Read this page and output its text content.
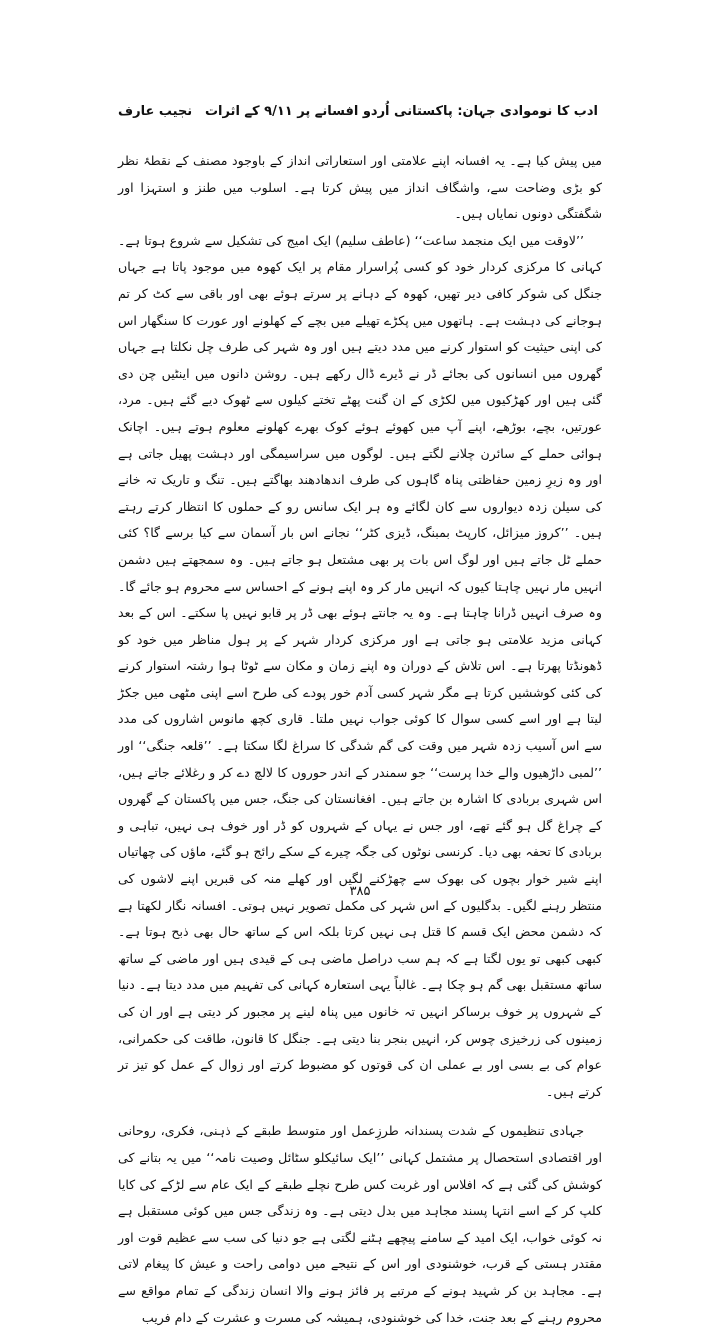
ادب کا نوموادی جہان: پاکستانی اُردو افسانے پر ۹/۱۱ کے اثرات
نجیب عارف

میں پیش کیا ہے۔ یہ افسانہ اپنے علامتی اور استعاراتی انداز کے باوجود مصنف کے نقطۂ نظر کو بڑی وضاحت سے، واشگاف انداز میں پیش کرتا ہے۔ اسلوب میں طنز و استہزا اور شگفتگی دونوں نمایاں ہیں۔

’’لاوقت میں ایک منجمد ساعت‘‘ (عاطف سلیم) ایک امیج کی تشکیل سے شروع ہوتا ہے۔ کہانی کا مرکزی کردار خود کو کسی پُراسرار مقام پر ایک کھوہ میں موجود پاتا ہے جہاں جنگل کی شوکر کافی دیر تھیں، کھوہ کے دہانے پر سرتے ہوئے بھی اور باقی سے کٹ کر تم ہوجانے کی دہشت ہے۔ ہاتھوں میں پکڑے تھیلے میں بچے کے کھلونے اور عورت کا سنگھار اس کی اپنی حیثیت کو استوار کرنے میں مدد دیتے ہیں اور وہ شہر کی طرف چل نکلتا ہے جہاں گھروں میں انسانوں کی بجائے ڈر نے ڈیرے ڈال رکھے ہیں۔ روشن دانوں میں اینٹیں چن دی گئی ہیں اور کھڑکیوں میں لکڑی کے ان گنت پھٹے تختے کیلوں سے ٹھوک دیے گئے ہیں۔ مرد، عورتیں، بچے، بوڑھے، اپنے آپ میں کھوئے ہوئے کوک بھرے کھلونے معلوم ہوتے ہیں۔ اچانک ہوائی حملے کے سائرن چلانے لگتے ہیں۔ لوگوں میں سراسیمگی اور دہشت پھیل جاتی ہے اور وہ زیرِ زمین حفاظتی پناہ گاہوں کی طرف اندھادھند بھاگتے ہیں۔ تنگ و تاریک تہ خانے کی سیلن زدہ دیواروں سے کان لگائے وہ ہر ایک سانس رو کے حملوں کا انتظار کرتے رہتے ہیں۔ ’’کروز میزائل، کارپٹ بمبنگ، ڈیزی کٹر‘‘ نجانے اس بار آسمان سے کیا برسے گا؟ کئی حملے ٹل جاتے ہیں اور لوگ اس بات پر بھی مشتعل ہو جاتے ہیں۔ وہ سمجھتے ہیں دشمن انہیں مار نہیں چاہتا کیوں کہ انہیں مار کر وہ اپنے ہونے کے احساس سے محروم ہو جائے گا۔ وہ صرف انہیں ڈرانا چاہتا ہے۔ وہ یہ جانتے ہوئے بھی ڈر پر قابو نہیں پا سکتے۔ اس کے بعد کہانی مزید علامتی ہو جاتی ہے اور مرکزی کردار شہر کے پر ہول مناظر میں خود کو ڈھونڈتا پھرتا ہے۔ اس تلاش کے دوران وہ اپنے زمان و مکان سے ٹوٹا ہوا رشتہ استوار کرنے کی کئی کوششیں کرتا ہے مگر شہر کسی آدم خور پودے کی طرح اسے اپنی مٹھی میں جکڑ لیتا ہے اور اسے کسی سوال کا کوئی جواب نہیں ملتا۔ قاری کچھ مانوس اشاروں کی مدد سے اس آسیب زدہ شہر میں وقت کی گم شدگی کا سراغ لگا سکتا ہے۔ ’’قلعہ جنگی‘‘ اور ’’لمبی داڑھیوں والے خدا پرست‘‘ جو سمندر کے اندر حوروں کا لالچ دے کر و رغلائے جاتے ہیں، اس شہری بربادی کا اشارہ بن جاتے ہیں۔ افغانستان کی جنگ، جس میں پاکستان کے گھروں کے چراغ گل ہو گئے تھے، اور جس نے یہاں کے شہروں کو ڈر اور خوف ہی نہیں، تباہی و بربادی کا تحفہ بھی دیا۔ کرنسی نوٹوں کی جگہ چیرے کے سکے رائج ہو گئے، ماؤں کی چھاتیاں اپنے شیر خوار بچوں کی بھوک سے چھڑکنے لگیں اور کھلے منہ کی قبریں اپنے لاشوں کی منتظر رہنے لگیں۔ بدگلیوں کے اس شہر کی مکمل تصویر نہیں ہوتی۔ افسانہ نگار لکھتا ہے کہ دشمن محض ایک قسم کا قتل ہی نہیں کرتا بلکہ اس کے ساتھ حال بھی ذبح ہوتا ہے۔ کبھی کبھی تو یوں لگتا ہے کہ ہم سب دراصل ماضی ہی کے قیدی ہیں اور ماضی کے ساتھ ساتھ مستقبل بھی گم ہو چکا ہے۔ غالباً یہی استعارہ کہانی کی تفہیم میں مدد دیتا ہے۔ دنیا کے شہروں پر خوف برساکر انہیں تہ خانوں میں پناہ لینے پر مجبور کر دیتی ہے اور ان کی زمینوں کی زرخیزی چوس کر، انہیں بنجر بنا دیتی ہے۔ جنگل کا قانون، طاقت کی حکمرانی، عوام کی بے بسی اور بے عملی ان کی قوتوں کو مضبوط کرتے اور زوال کے عمل کو تیز تر کرتے ہیں۔

جہادی تنظیموں کے شدت پسندانہ طرزِعمل اور متوسط طبقے کے ذہنی، فکری، روحانی اور اقتصادی استحصال پر مشتمل کہانی ’’ایک سائیکلو سٹائل وصیت نامہ‘‘ میں یہ بتانے کی کوشش کی گئی ہے کہ افلاس اور غربت کس طرح نچلے طبقے کے ایک عام سے لڑکے کی کایا کلپ کر کے اسے انتہا پسند مجاہد میں بدل دیتی ہے۔ وہ زندگی جس میں کوئی مستقبل ہے نہ کوئی خواب، ایک امید کے سامنے پیچھے ہٹنے لگتی ہے جو دنیا کی سب سے عظیم قوت اور مقتدر ہستی کے قرب، خوشنودی اور اس کے نتیجے میں دوامی راحت و عیش کا پیغام لاتی ہے۔ مجاہد بن کر شہید ہونے کے مرتبے پر فائز ہونے والا انسان زندگی کے تمام مواقع سے محروم رہنے کے بعد جنت، خدا کی خوشنودی، ہمیشہ کی مسرت و عشرت کے دام فریب

۳۸۵
